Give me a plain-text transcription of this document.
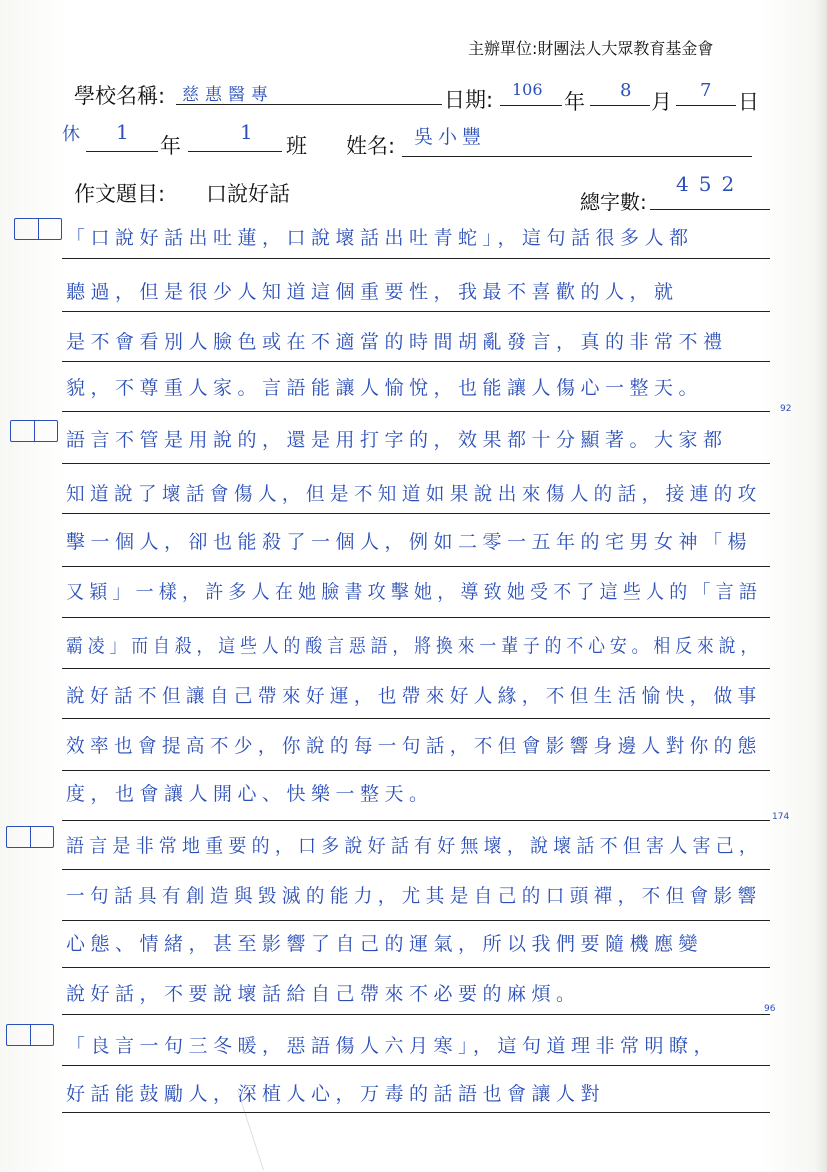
主辦單位:財團法人大眾教育基金會
學校名稱: 慈惠醫專	日期: 106
年 8 月 7 日
休 1
年
1
班 姓名: 吳小豐
作文題目: 口說好話	總字數:
452
「口說好話出吐蓮，口說壞話出吐青蛇」，這句話很多人都
聽過，但是很少人知道這個重要性，我最不喜歡的人，就
是不會看別人臉色或在不適當的時間胡亂發言，真的非常不禮
貌，不尊重人家。言語能讓人愉悅，也能讓人傷心一整天。
92
語言不管是用說的，還是用打字的，效果都十分顯著。大家都
知道說了壞話會傷人，但是不知道如果說出來傷人的話，接連的攻
擊一個人，卻也能殺了一個人，例如二零一五年的宅男女神「楊
又穎」一樣，許多人在她臉書攻擊她，導致她受不了這些人的「言語
霸凌」而自殺，這些人的酸言惡語，將換來一輩子的不心安。相反來說，
說好話不但讓自己帶來好運，也帶來好人緣，不但生活愉快，做事
效率也會提高不少，你說的每一句話，不但會影響身邊人對你的態
度，也會讓人開心、快樂一整天。
174
語言是非常地重要的，口多說好話有好無壞，說壞話不但害人害己，
一句話具有創造與毀滅的能力，尤其是自己的口頭禪，不但會影響
心態、情緒，甚至影響了自己的運氣，所以我們要隨機應變
說好話，不要說壞話給自己帶來不必要的麻煩。
96
「良言一句三冬暖，惡語傷人六月寒」，這句道理非常明瞭，
好話能鼓勵人，深植人心，万毒的話語也會讓人對
